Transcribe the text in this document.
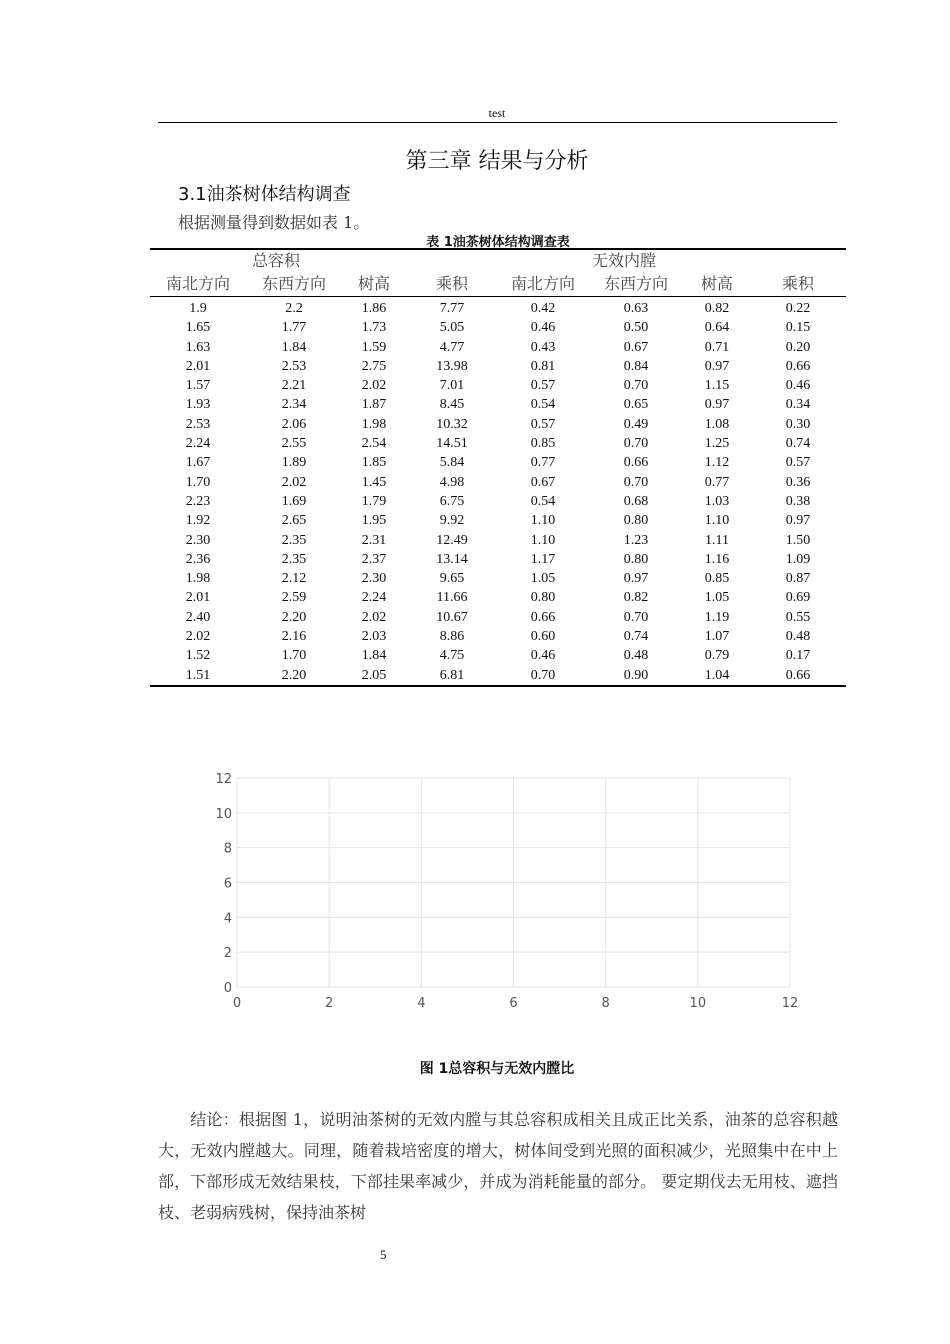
test
第三章 结果与分析
3.1油茶树体结构调查
根据测量得到数据如表 1。
表 1油茶树体结构调查表
总容积				无效内膛			
南北方向	东西方向	树高	乘积	南北方向	东西方向	树高	乘积
1.9	2.2	1.86	7.77	0.42	0.63	0.82	0.22
1.65	1.77	1.73	5.05	0.46	0.50	0.64	0.15
1.63	1.84	1.59	4.77	0.43	0.67	0.71	0.20
2.01	2.53	2.75	13.98	0.81	0.84	0.97	0.66
1.57	2.21	2.02	7.01	0.57	0.70	1.15	0.46
1.93	2.34	1.87	8.45	0.54	0.65	0.97	0.34
2.53	2.06	1.98	10.32	0.57	0.49	1.08	0.30
2.24	2.55	2.54	14.51	0.85	0.70	1.25	0.74
1.67	1.89	1.85	5.84	0.77	0.66	1.12	0.57
1.70	2.02	1.45	4.98	0.67	0.70	0.77	0.36
2.23	1.69	1.79	6.75	0.54	0.68	1.03	0.38
1.92	2.65	1.95	9.92	1.10	0.80	1.10	0.97
2.30	2.35	2.31	12.49	1.10	1.23	1.11	1.50
2.36	2.35	2.37	13.14	1.17	0.80	1.16	1.09
1.98	2.12	2.30	9.65	1.05	0.97	0.85	0.87
2.01	2.59	2.24	11.66	0.80	0.82	1.05	0.69
2.40	2.20	2.02	10.67	0.66	0.70	1.19	0.55
2.02	2.16	2.03	8.86	0.60	0.74	1.07	0.48
1.52	1.70	1.84	4.75	0.46	0.48	0.79	0.17
1.51	2.20	2.05	6.81	0.70	0.90	1.04	0.66
0	2	4	6	8	10	12
0
2
4
6
8
10
12
图 1总容积与无效内膛比
结论：根据图 1，说明油茶树的无效内膛与其总容积成相关且成正比关系，油茶的总容积越大，无效内膛越大。同理，随着栽培密度的增大，树体间受到光照的面积减少，光照集中在中上部，下部形成无效结果枝，下部挂果率减少，并成为消耗能量的部分。 要定期伐去无用枝、遮挡枝、老弱病残树，保持油茶树
5
